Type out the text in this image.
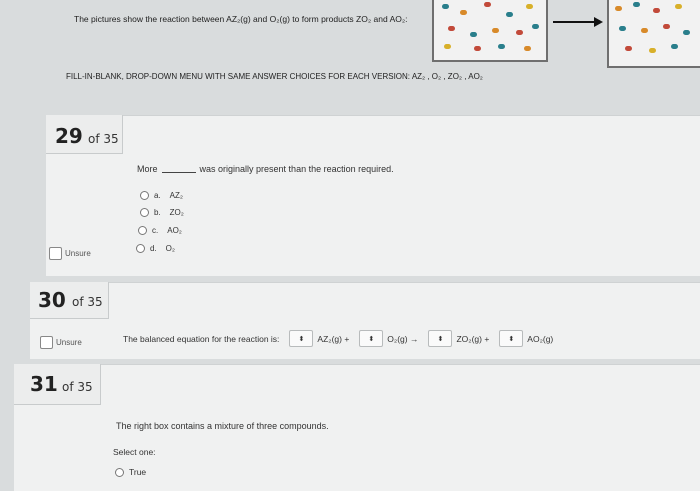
The pictures show the reaction between AZ₂(g) and O₂(g) to form products ZO₂ and AO₂:
FILL-IN-BLANK, DROP-DOWN MENU WITH SAME ANSWER CHOICES FOR EACH VERSION: AZ₂ , O₂ , ZO₂ , AO₂
29 of 35
Unsure
More	was originally present than the reaction required.
a. AZ₂
b. ZO₂
c. AO₂
d. O₂
30 of 35
Unsure	The balanced equation for the reaction is:	⬍	AZ₂(g) +	⬍	O₂(g) →	⬍	ZO₂(g) +	⬍	AO₂(g)
31 of 35
The right box contains a mixture of three compounds.
Select one:
True
